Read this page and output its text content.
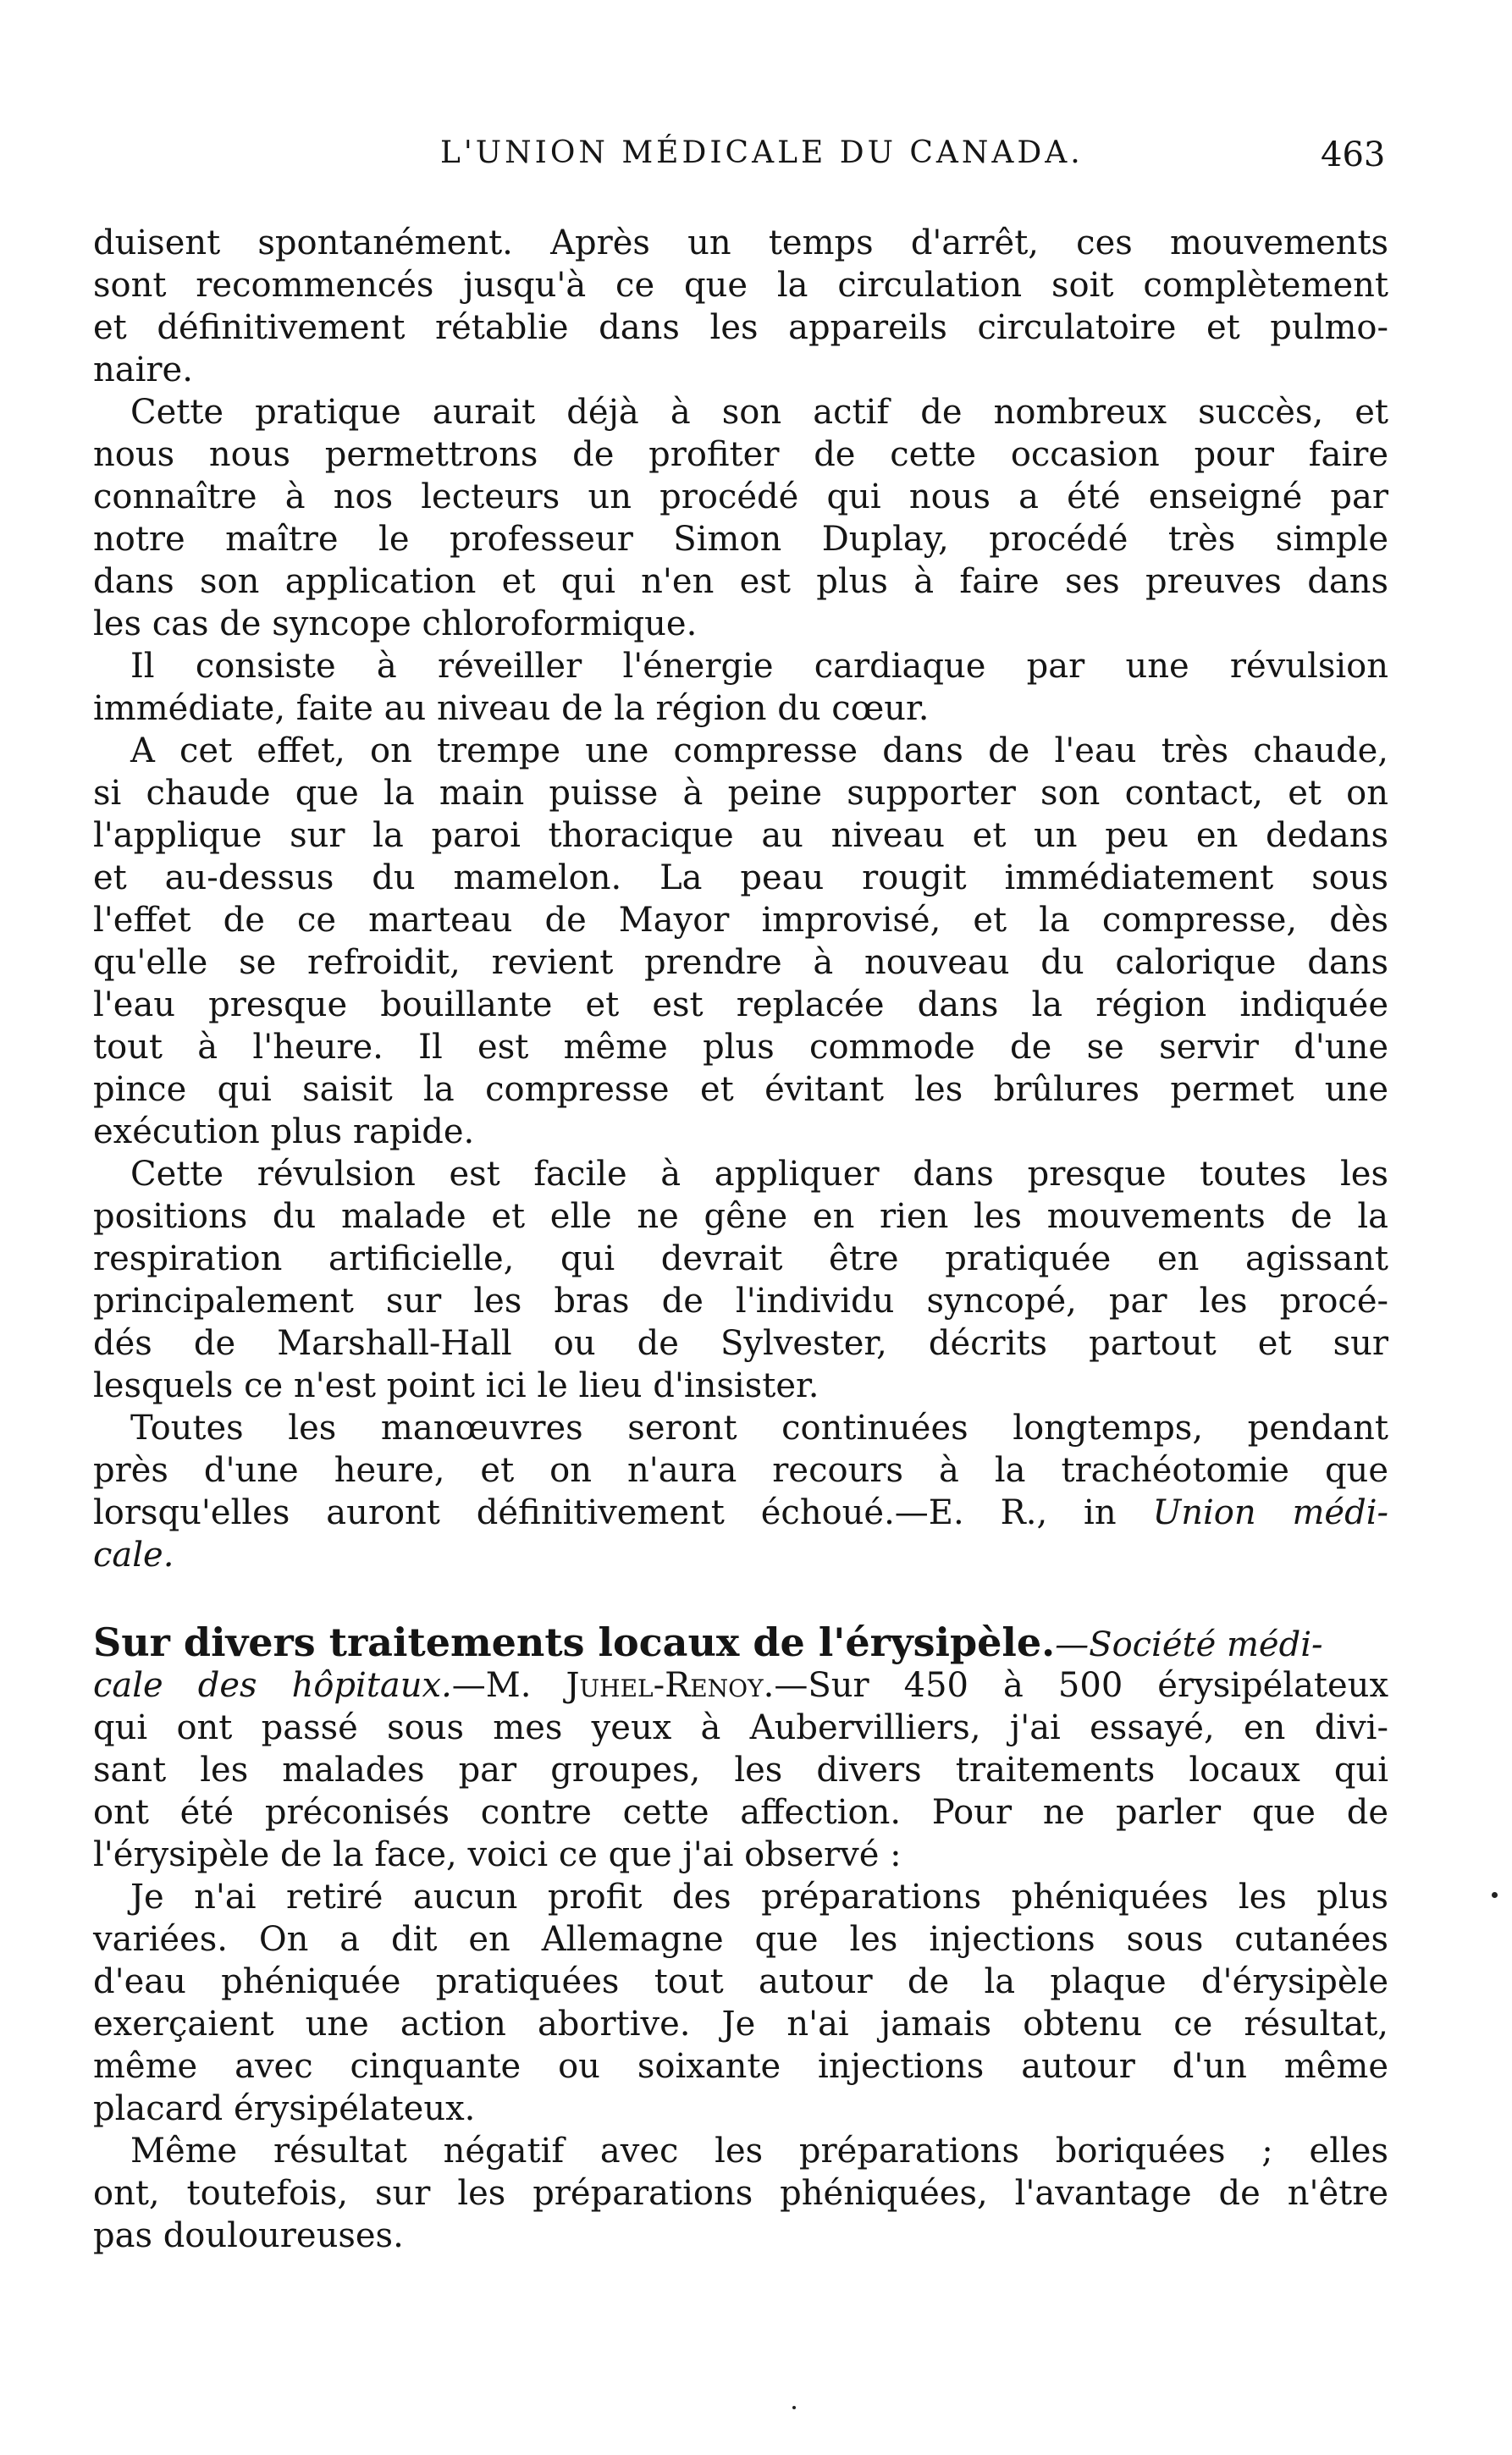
L'UNION MÉDICALE DU CANADA.	463
duisent spontanément. Après un temps d'arrêt, ces mouvements
sont recommencés jusqu'à ce que la circulation soit complètement
et définitivement rétablie dans les appareils circulatoire et pulmo-
naire.
Cette pratique aurait déjà à son actif de nombreux succès, et
nous nous permettrons de profiter de cette occasion pour faire
connaître à nos lecteurs un procédé qui nous a été enseigné par
notre maître le professeur Simon Duplay, procédé très simple
dans son application et qui n'en est plus à faire ses preuves dans
les cas de syncope chloroformique.
Il consiste à réveiller l'énergie cardiaque par une révulsion
immédiate, faite au niveau de la région du cœur.
A cet effet, on trempe une compresse dans de l'eau très chaude,
si chaude que la main puisse à peine supporter son contact, et on
l'applique sur la paroi thoracique au niveau et un peu en dedans
et au-dessus du mamelon. La peau rougit immédiatement sous
l'effet de ce marteau de Mayor improvisé, et la compresse, dès
qu'elle se refroidit, revient prendre à nouveau du calorique dans
l'eau presque bouillante et est replacée dans la région indiquée
tout à l'heure. Il est même plus commode de se servir d'une
pince qui saisit la compresse et évitant les brûlures permet une
exécution plus rapide.
Cette révulsion est facile à appliquer dans presque toutes les
positions du malade et elle ne gêne en rien les mouvements de la
respiration artificielle, qui devrait être pratiquée en agissant
principalement sur les bras de l'individu syncopé, par les procé-
dés de Marshall-Hall ou de Sylvester, décrits partout et sur
lesquels ce n'est point ici le lieu d'insister.
Toutes les manœuvres seront continuées longtemps, pendant
près d'une heure, et on n'aura recours à la trachéotomie que
lorsqu'elles auront définitivement échoué.—E. R., in Union médi-
cale.
Sur divers traitements locaux de l'érysipèle.—Société médi-
cale des hôpitaux.—M. Juhel-Renoy.—Sur 450 à 500 érysipélateux
qui ont passé sous mes yeux à Aubervilliers, j'ai essayé, en divi-
sant les malades par groupes, les divers traitements locaux qui
ont été préconisés contre cette affection. Pour ne parler que de
l'érysipèle de la face, voici ce que j'ai observé :
Je n'ai retiré aucun profit des préparations phéniquées les plus
variées. On a dit en Allemagne que les injections sous cutanées
d'eau phéniquée pratiquées tout autour de la plaque d'érysipèle
exerçaient une action abortive. Je n'ai jamais obtenu ce résultat,
même avec cinquante ou soixante injections autour d'un même
placard érysipélateux.
Même résultat négatif avec les préparations boriquées ; elles
ont, toutefois, sur les préparations phéniquées, l'avantage de n'être
pas douloureuses.
